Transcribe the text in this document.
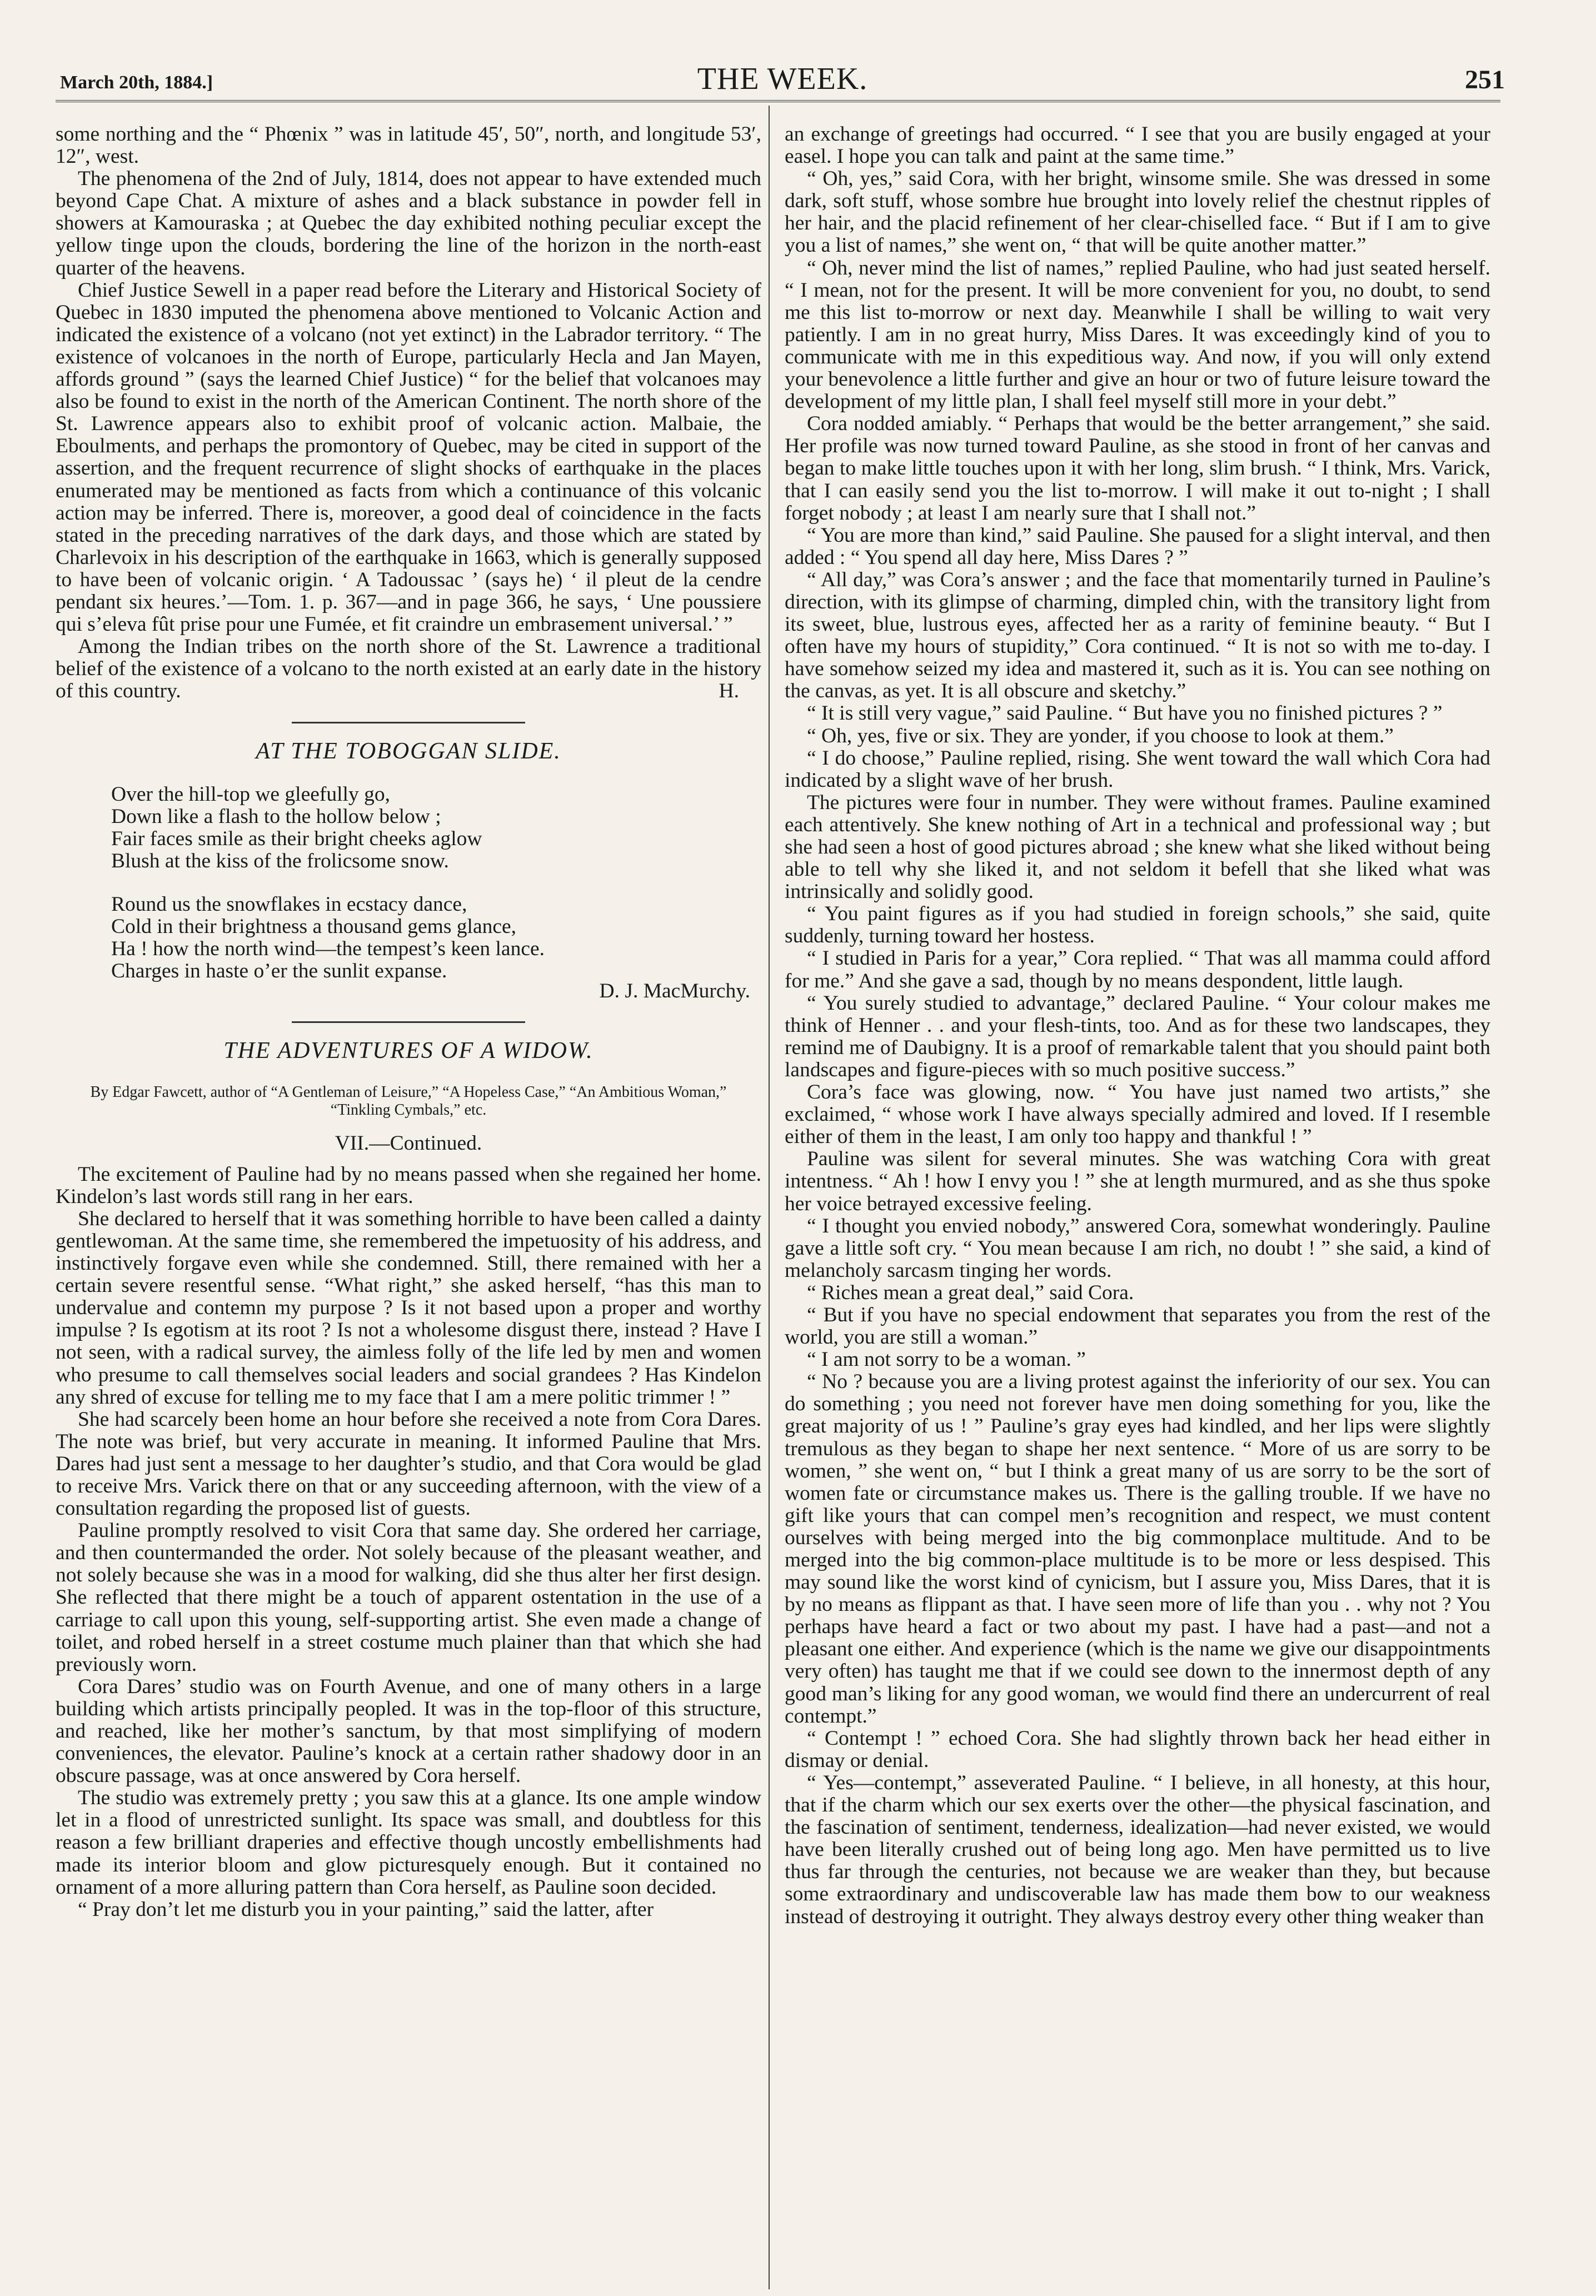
March 20th, 1884.]	THE WEEK.	251

some northing and the “ Phœnix ” was in latitude 45′, 50″, north, and longitude 53′, 12″, west.

The phenomena of the 2nd of July, 1814, does not appear to have extended much beyond Cape Chat. A mixture of ashes and a black substance in powder fell in showers at Kamouraska ; at Quebec the day exhibited nothing peculiar except the yellow tinge upon the clouds, bordering the line of the horizon in the north-east quarter of the heavens.

Chief Justice Sewell in a paper read before the Literary and Historical Society of Quebec in 1830 imputed the phenomena above mentioned to Volcanic Action and indicated the existence of a volcano (not yet extinct) in the Labrador territory. “ The existence of volcanoes in the north of Europe, particularly Hecla and Jan Mayen, affords ground ” (says the learned Chief Justice) “ for the belief that volcanoes may also be found to exist in the north of the American Continent. The north shore of the St. Lawrence appears also to exhibit proof of volcanic action. Malbaie, the Eboulments, and perhaps the promontory of Quebec, may be cited in support of the assertion, and the frequent recurrence of slight shocks of earthquake in the places enumerated may be mentioned as facts from which a continuance of this volcanic action may be inferred. There is, moreover, a good deal of coincidence in the facts stated in the preceding narratives of the dark days, and those which are stated by Charlevoix in his description of the earthquake in 1663, which is generally supposed to have been of volcanic origin. ‘ A Tadoussac ’ (says he) ‘ il pleut de la cendre pendant six heures.’—Tom. 1. p. 367—and in page 366, he says, ‘ Une poussiere qui s’eleva fût prise pour une Fumée, et fit craindre un embrasement universal.’ ”

Among the Indian tribes on the north shore of the St. Lawrence a traditional belief of the existence of a volcano to the north existed at an early date in the history of this country.	H.
AT THE TOBOGGAN SLIDE.
Over the hill-top we gleefully go,
Down like a flash to the hollow below ;
Fair faces smile as their bright cheeks aglow
Blush at the kiss of the frolicsome snow.
Round us the snowflakes in ecstacy dance,
Cold in their brightness a thousand gems glance,
Ha ! how the north wind—the tempest’s keen lance.
Charges in haste o’er the sunlit expanse.
D. J. MacMurchy.
THE ADVENTURES OF A WIDOW.
By Edgar Fawcett, author of “A Gentleman of Leisure,” “A Hopeless Case,” “An Ambitious Woman,” “Tinkling Cymbals,” etc.
VII.—Continued.

The excitement of Pauline had by no means passed when she regained her home. Kindelon’s last words still rang in her ears.

She declared to herself that it was something horrible to have been called a dainty gentlewoman. At the same time, she remembered the impetuosity of his address, and instinctively forgave even while she condemned. Still, there remained with her a certain severe resentful sense. “What right,” she asked herself, “has this man to undervalue and contemn my purpose ? Is it not based upon a proper and worthy impulse ? Is egotism at its root ? Is not a wholesome disgust there, instead ? Have I not seen, with a radical survey, the aimless folly of the life led by men and women who presume to call themselves social leaders and social grandees ? Has Kindelon any shred of excuse for telling me to my face that I am a mere politic trimmer ! ”

She had scarcely been home an hour before she received a note from Cora Dares. The note was brief, but very accurate in meaning. It informed Pauline that Mrs. Dares had just sent a message to her daughter’s studio, and that Cora would be glad to receive Mrs. Varick there on that or any succeeding afternoon, with the view of a consultation regarding the proposed list of guests.

Pauline promptly resolved to visit Cora that same day. She ordered her carriage, and then countermanded the order. Not solely because of the pleasant weather, and not solely because she was in a mood for walking, did she thus alter her first design. She reflected that there might be a touch of apparent ostentation in the use of a carriage to call upon this young, self-supporting artist. She even made a change of toilet, and robed herself in a street costume much plainer than that which she had previously worn.

Cora Dares’ studio was on Fourth Avenue, and one of many others in a large building which artists principally peopled. It was in the top-floor of this structure, and reached, like her mother’s sanctum, by that most simplifying of modern conveniences, the elevator. Pauline’s knock at a certain rather shadowy door in an obscure passage, was at once answered by Cora herself.

The studio was extremely pretty ; you saw this at a glance. Its one ample window let in a flood of unrestricted sunlight. Its space was small, and doubtless for this reason a few brilliant draperies and effective though uncostly embellishments had made its interior bloom and glow picturesquely enough. But it contained no ornament of a more alluring pattern than Cora herself, as Pauline soon decided.

“ Pray don’t let me disturb you in your painting,” said the latter, after

an exchange of greetings had occurred. “ I see that you are busily engaged at your easel. I hope you can talk and paint at the same time.”

“ Oh, yes,” said Cora, with her bright, winsome smile. She was dressed in some dark, soft stuff, whose sombre hue brought into lovely relief the chestnut ripples of her hair, and the placid refinement of her clear-chiselled face. “ But if I am to give you a list of names,” she went on, “ that will be quite another matter.”

“ Oh, never mind the list of names,” replied Pauline, who had just seated herself. “ I mean, not for the present. It will be more convenient for you, no doubt, to send me this list to-morrow or next day. Meanwhile I shall be willing to wait very patiently. I am in no great hurry, Miss Dares. It was exceedingly kind of you to communicate with me in this expeditious way. And now, if you will only extend your benevolence a little further and give an hour or two of future leisure toward the development of my little plan, I shall feel myself still more in your debt.”

Cora nodded amiably. “ Perhaps that would be the better arrangement,” she said. Her profile was now turned toward Pauline, as she stood in front of her canvas and began to make little touches upon it with her long, slim brush. “ I think, Mrs. Varick, that I can easily send you the list to-morrow. I will make it out to-night ; I shall forget nobody ; at least I am nearly sure that I shall not.”

“ You are more than kind,” said Pauline. She paused for a slight interval, and then added : “ You spend all day here, Miss Dares ? ”

“ All day,” was Cora’s answer ; and the face that momentarily turned in Pauline’s direction, with its glimpse of charming, dimpled chin, with the transitory light from its sweet, blue, lustrous eyes, affected her as a rarity of feminine beauty. “ But I often have my hours of stupidity,” Cora continued. “ It is not so with me to-day. I have somehow seized my idea and mastered it, such as it is. You can see nothing on the canvas, as yet. It is all obscure and sketchy.”

“ It is still very vague,” said Pauline. “ But have you no finished pictures ? ”

“ Oh, yes, five or six. They are yonder, if you choose to look at them.”

“ I do choose,” Pauline replied, rising. She went toward the wall which Cora had indicated by a slight wave of her brush.

The pictures were four in number. They were without frames. Pauline examined each attentively. She knew nothing of Art in a technical and professional way ; but she had seen a host of good pictures abroad ; she knew what she liked without being able to tell why she liked it, and not seldom it befell that she liked what was intrinsically and solidly good.

“ You paint figures as if you had studied in foreign schools,” she said, quite suddenly, turning toward her hostess.

“ I studied in Paris for a year,” Cora replied. “ That was all mamma could afford for me.” And she gave a sad, though by no means despondent, little laugh.

“ You surely studied to advantage,” declared Pauline. “ Your colour makes me think of Henner . . and your flesh-tints, too. And as for these two landscapes, they remind me of Daubigny. It is a proof of remarkable talent that you should paint both landscapes and figure-pieces with so much positive success.”

Cora’s face was glowing, now. “ You have just named two artists,” she exclaimed, “ whose work I have always specially admired and loved. If I resemble either of them in the least, I am only too happy and thankful ! ”

Pauline was silent for several minutes. She was watching Cora with great intentness. “ Ah ! how I envy you ! ” she at length murmured, and as she thus spoke her voice betrayed excessive feeling.

“ I thought you envied nobody,” answered Cora, somewhat wonderingly. Pauline gave a little soft cry. “ You mean because I am rich, no doubt ! ” she said, a kind of melancholy sarcasm tinging her words.

“ Riches mean a great deal,” said Cora.

“ But if you have no special endowment that separates you from the rest of the world, you are still a woman.”

“ I am not sorry to be a woman. ”

“ No ? because you are a living protest against the inferiority of our sex. You can do something ; you need not forever have men doing something for you, like the great majority of us ! ” Pauline’s gray eyes had kindled, and her lips were slightly tremulous as they began to shape her next sentence. “ More of us are sorry to be women, ” she went on, “ but I think a great many of us are sorry to be the sort of women fate or circumstance makes us. There is the galling trouble. If we have no gift like yours that can compel men’s recognition and respect, we must content ourselves with being merged into the big commonplace multitude. And to be merged into the big common-place multitude is to be more or less despised. This may sound like the worst kind of cynicism, but I assure you, Miss Dares, that it is by no means as flippant as that. I have seen more of life than you . . why not ? You perhaps have heard a fact or two about my past. I have had a past—and not a pleasant one either. And experience (which is the name we give our disappointments very often) has taught me that if we could see down to the innermost depth of any good man’s liking for any good woman, we would find there an undercurrent of real contempt.”

“ Contempt ! ” echoed Cora. She had slightly thrown back her head either in dismay or denial.

“ Yes—contempt,” asseverated Pauline. “ I believe, in all honesty, at this hour, that if the charm which our sex exerts over the other—the physical fascination, and the fascination of sentiment, tenderness, idealization—had never existed, we would have been literally crushed out of being long ago. Men have permitted us to live thus far through the centuries, not because we are weaker than they, but because some extraordinary and undiscoverable law has made them bow to our weakness instead of destroying it outright. They always destroy every other thing weaker than
